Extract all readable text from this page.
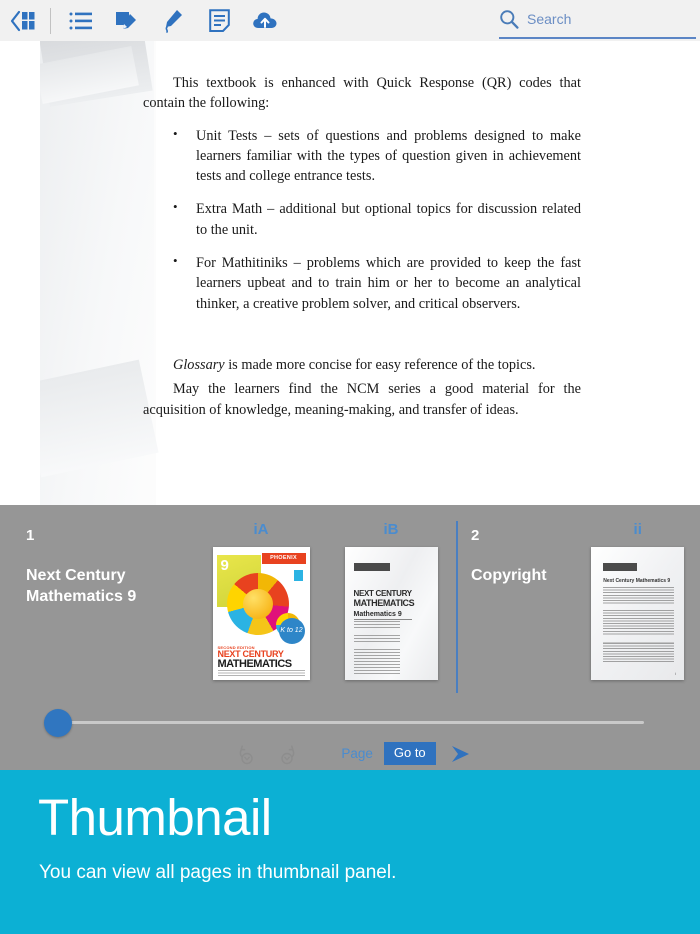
Search

This textbook is enhanced with Quick Response (QR) codes that contain the following:

• Unit Tests – sets of questions and problems designed to make learners familiar with the types of question given in achievement tests and college entrance tests.
• Extra Math – additional but optional topics for discussion related to the unit.
• For Mathitiniks – problems which are provided to keep the fast learners upbeat and to train him or her to become an analytical thinker, a creative problem solver, and critical observers.

Glossary is made more concise for easy reference of the topics.

May the learners find the NCM series a good material for the acquisition of knowledge, meaning-making, and transfer of ideas.

1
Next Century Mathematics 9
iA
PHOENIX
K to 12
SECOND EDITION
NEXT CENTURY
MATHEMATICS
9
iB
NEXT CENTURY
MATHEMATICS
Mathematics 9
2
Copyright
ii
Next Century Mathematics 9
i
Page	Go to
Thumbnail
You can view all pages in thumbnail panel.
